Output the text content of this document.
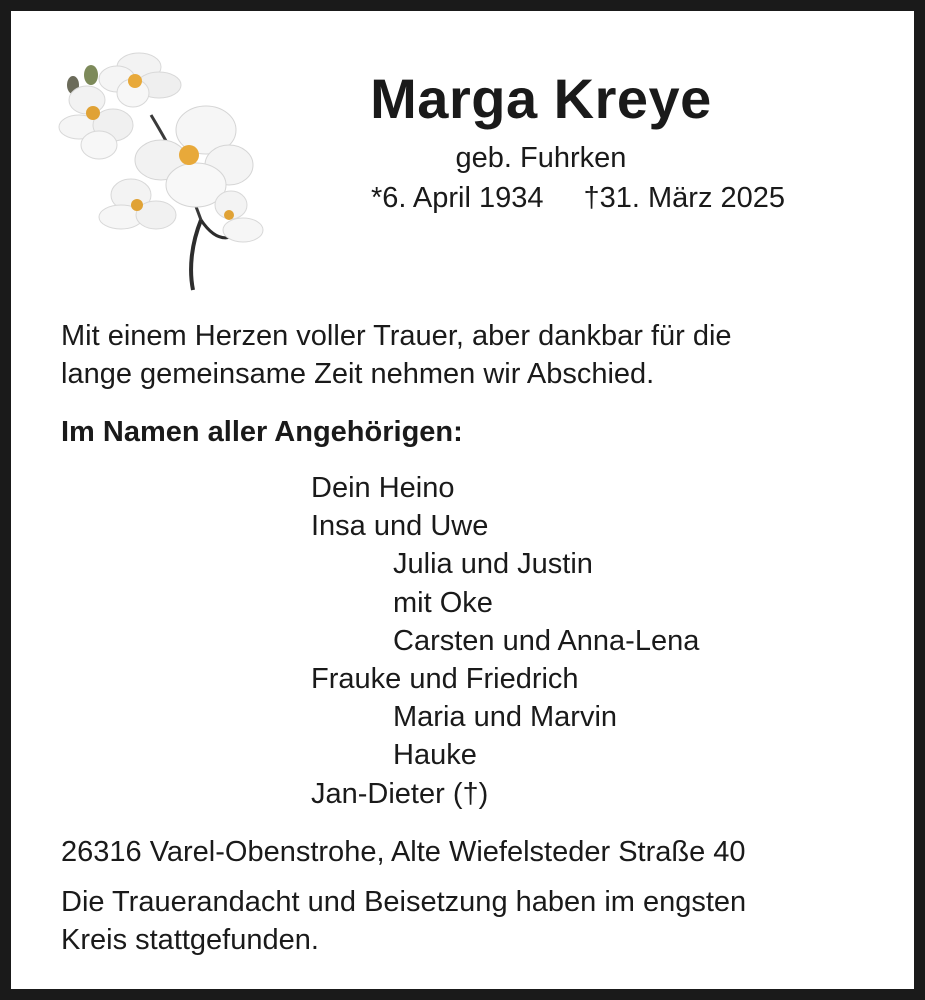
Marga Kreye
geb. Fuhrken
*6. April 1934 †31. März 2025
Mit einem Herzen voller Trauer, aber dankbar für die
lange gemeinsame Zeit nehmen wir Abschied.
Im Namen aller Angehörigen:
Dein Heino
Insa und Uwe
Julia und Justin
mit Oke
Carsten und Anna-Lena
Frauke und Friedrich
Maria und Marvin
Hauke
Jan-Dieter (†)
26316 Varel-Obenstrohe, Alte Wiefelsteder Straße 40
Die Trauerandacht und Beisetzung haben im engsten
Kreis stattgefunden.
